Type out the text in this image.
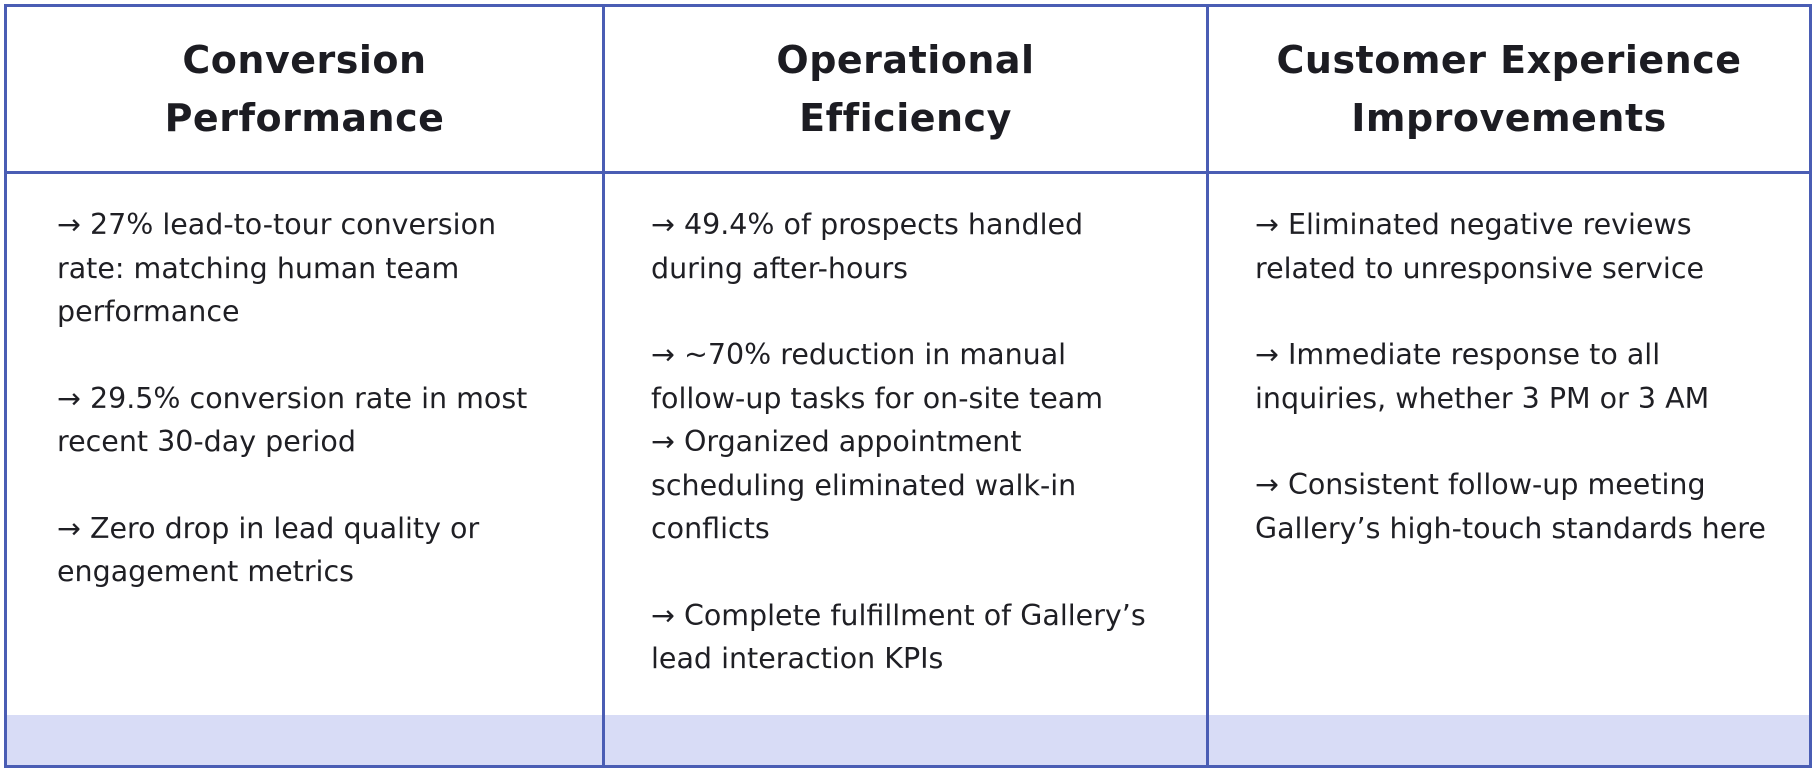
Conversion
Performance
Operational
Efficiency
Customer Experience
Improvements

→ 27% lead-to-tour conversion rate: matching human team performance

→ 29.5% conversion rate in most recent 30-day period

→ Zero drop in lead quality or engagement metrics

→ 49.4% of prospects handled during after-hours

→ ~70% reduction in manual follow-up tasks for on-site team

→ Organized appointment scheduling eliminated walk-in conflicts

→ Complete fulfillment of Gallery’s lead interaction KPIs

→ Eliminated negative reviews related to unresponsive service

→ Immediate response to all inquiries, whether 3 PM or 3 AM

→ Consistent follow-up meeting Gallery’s high-touch standards here
